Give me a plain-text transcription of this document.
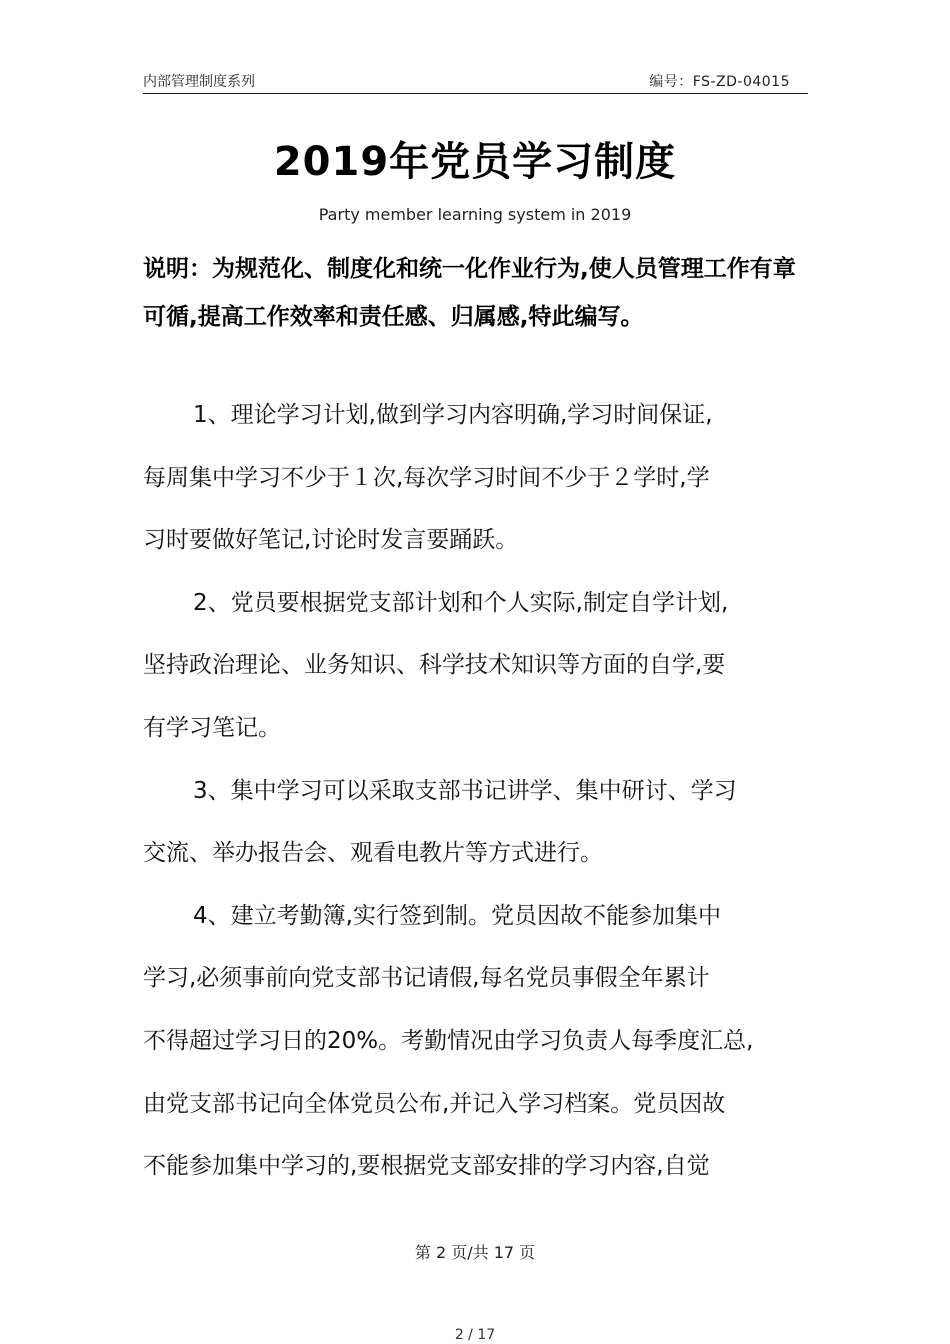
内部管理制度系列	编号：FS-ZD-04015
2019年党员学习制度
Party member learning system in 2019
说明：为规范化、制度化和统一化作业行为,使人员管理工作有章可循,提高工作效率和责任感、归属感,特此编写。
1、理论学习计划,做到学习内容明确,学习时间保证,
每周集中学习不少于１次,每次学习时间不少于２学时,学
习时要做好笔记,讨论时发言要踊跃。
2、党员要根据党支部计划和个人实际,制定自学计划,
坚持政治理论、业务知识、科学技术知识等方面的自学,要
有学习笔记。
3、集中学习可以采取支部书记讲学、集中研讨、学习
交流、举办报告会、观看电教片等方式进行。
4、建立考勤簿,实行签到制。党员因故不能参加集中
学习,必须事前向党支部书记请假,每名党员事假全年累计
不得超过学习日的20%。考勤情况由学习负责人每季度汇总,
由党支部书记向全体党员公布,并记入学习档案。党员因故
不能参加集中学习的,要根据党支部安排的学习内容,自觉
第 2 页/共 17 页
2 / 17
